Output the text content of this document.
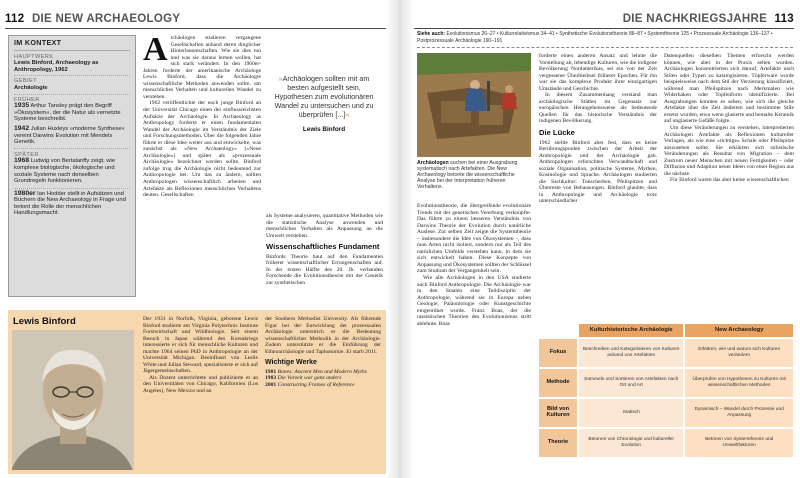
112 DIE NEW ARCHAEOLOGY	DIE NACHKRIEGSJAHRE 113
IM KONTEXT
HAUPTWERK
Lewis Binford, Archaeology as Anthropology, 1962
GEBIET
Archäologie
FRÜHER
1935 Arthur Tansley prägt den Begriff »Ökosystem«, der die Natur als vernetzte Systeme beschreibt.
1942 Julian Huxleys »moderne Synthese« vereint Darwins Evolution mit Mendels Genetik.
SPÄTER
1968 Ludwig von Bertalanffy zeigt, wie komplexe biologische, ökologische und soziale Systeme nach denselben Grundregeln funktionieren.
1980er Ian Hodder stellt in Aufsätzen und Büchern die New Archaeology in Frage und betont die Rolle der menschlichen Handlungsmacht.
A rchäologen studieren vergangene Gesellschaften anhand deren dinglicher Hinterlassenschaften. Wie sie dies tun und was sie daraus lernen wollen, hat sich stark verändert. In den 1960er-Jahren forderte der amerikanische Archäologe Lewis Binford, dass die Archäologie wissenschaftliche Methoden anwenden sollte, um menschliches Verhalten und kulturellen Wandel zu verstehen.

1962 veröffentlichte der noch junge Binford an der Universität Chicago einen der einflussreichsten Aufsätze der Archäologie. In Archaeology as Anthropology forderte er einen fundamentalen Wandel der Archäologie im Verständnis der Ziele und Forschungsmethoden. Über die folgenden Jahre führte er diese Idee weiter aus und entwickelte, was zunächst als »New Archaeology« (»Neue Archäologie«) und später als »prozessuale Archäologie« bezeichnet werden sollte. Binford zufolge trug die Archäologie nicht bedeutend zur Anthropologie bei. Um das zu ändern, sollten Anthropologen wissenschaftlich arbeiten und Artefakte als Reflexionen menschlichen Verhaltens deuten. Gesellschaften

»Archäologen sollten mit am besten aufgestellt sein, Hypothesen zum evolutionären Wandel zu untersuchen und zu überprüfen [...]«
Lewis Binford

als Systeme analysieren, quantitative Methoden wie die statistische Analyse anwenden und menschliches Verhalten als Anpassung an die Umwelt verstehen.

Wissenschaftliches Fundament

Binfords Theorie baut auf den Fundamenten früherer wissenschaftlicher Errungenschaften auf. In der ersten Hälfte des 20. Jh. verbanden Forschende die Evolutionstheorie mit der Genetik zur synthetischen

Lewis Binford	Der 1931 in Norfolk, Virginia, geborene Lewis Binford studierte am Virginia Polytechnic Institute Forstwirtschaft und Wildbiologie. Seit einem Besuch in Japan während des Koreakriegs interessierte er sich für menschliche Kulturen und machte 1964 seinen PhD in Anthropologie an der Universität Michigan. Beeinflusst von Leslie White und Julian Steward, spezialisierte er sich auf Jägergemeinschaften.

Als Dozent unterrichtete und publizierte er an den Universitäten von Chicago, Kalifornien (Los Angeles), New Mexico und an

der Southern Methodist University. Als führende Figur bei der Entwicklung der prozessualen Archäologie unterstrich er die Bedeutung wissenschaftlicher Methodik in der Archäologie. Zudem unterstützte er die Einführung der Ethnoarchäologie und Taphonomie. Er starb 2011.

Wichtige Werke

1981 Bones: Ancient Men and Modern Myths

1983 Die Vorzeit war ganz anders

2001 Constructing Frames of Reference

Siehe auch: Evolutionismus 26–27 • Kulturrelativismus 34–41 • Synthetische Evolutionstheorie 86–87 • Systemtheorie 125 • Prozessuale Archäologie 136–137 • Postprozessuale Archäologie 190–191
Archäologen suchen bei einer Ausgrabung systematisch nach Artefakten. Die New Archaeology betonte die wissenschaftliche Analyse bei der Interpretation früheren Verhaltens.

Evolutionstheorie, die übergreifende evolutionäre Trends mit der genetischen Vererbung verknüpfte. Das führte zu einem besseren Verständnis von Darwins Theorie der Evolution durch natürliche Auslese. Zur selben Zeit zeigte die Systemtheorie – insbesondere die Idee von Ökosystemen –, dass man Arten nicht isoliert, sondern nur als Teil des natürlichen Umfelds verstehen kann, in dem sie sich entwickelt haben. Diese Konzepte von Anpassung und Ökosystemen sollten der Schlüssel zum Studium der Vergangenheit sein.

Wie alle Archäologen in den USA studierte auch Binford Anthropologie. Die Archäologie war in den Staaten eine Teildisziplin der Anthropologie, während sie in Europa neben Geologie, Paläontologie oder Kunstgeschichte eingeordnet wurde. Franz Boas, der die rassistischen Theorien des Evolutionismus stritt ablehnte. Boas

forderte einen anderen Ansatz und lehnte die Vorstellung ab, lebendige Kulturen, wie die indigene Bevölkerung Nordamerikas, sei ein von der Zeit vergessener Überbleibsel früherer Epochen. Für ihn war sie das komplexe Produkt ihrer einzigartigen Umstände und Geschichte.

In diesem Zusammenhang verstand man archäologische Stätten im Gegensatz zur europäischen Herangehensweise als bedeutende Quellen für das historische Verständnis der indigenen Bevölkerung.

Die Lücke

1962 stellte Binford aber fest, dass es keine Berührungspunkte zwischen der Arbeit der Anthropologie und der Archäologie gab. Anthropologen erforschten Verwandtschaft und soziale Organisation, politische Systeme, Mythen, Kosmologie und Sprache. Archäologen studierten die Sachkultur: Tonscherben, Pfeilspitzen und Überreste von Behausungen. Binford glaubte, dass in Anthropologie und Archäologie trotz unterschiedlicher

Datenquellen dieselben Themen erforscht werden können, wie aber in der Praxis selten wurden. Archäologen konzentrierten sich darauf, Artefakte nach Stilen oder Typen zu katalogisieren. Töpferware wurde beispielsweise nach dem Stil der Verzierung klassifiziert, während man Pfeilspitzen nach Merkmalen wie Widerhaken oder Topfenform identifizierte. Bei Ausgrabungen konnten es sehen, wie sich die gleiche Artefakte über die Zeit änderten und bestimmte Stile ersetzt wurden, etwa wenn glasierte und bemalte Keramik auf unglasierte Gefäße folgte.

Um diese Veränderungen zu verstehen, interpretierten Archäologen Artefakte als Reflexionen kultureller Vorlagen, als wie eine »richtige« Schale oder Pfeilspitze auszusehen sollte. Sie erklärten sich stilistische Veränderungen als Resultat von Migration – dem Zustrom neuer Menschen mit neuen Fertigkeiten – oder Diffusion und Adaption neuer Ideen von einer Region aus die nächste.

Für Binford waren das aber keine wissenschaftlichen

	Kulturhistorische Archäologie	New Archaeology
Fokus	Beschreiben und Kategorisieren von Kulturen anhand von Artefakten	Erklären, wie und warum sich Kulturen verändern
Methode	Sammeln und Sortieren von Artefakten nach Ort und Art	Überprüfen von Hypothesen zu Kulturen mit wissenschaftlichen Methoden
Bild von Kulturen	Statisch	Dynamisch – Wandel durch Prozesse und Anpassung
Theorie	Betonen von Chronologie und kultureller Evolution	Betonen von Systemtheorie und Umweltfaktoren
